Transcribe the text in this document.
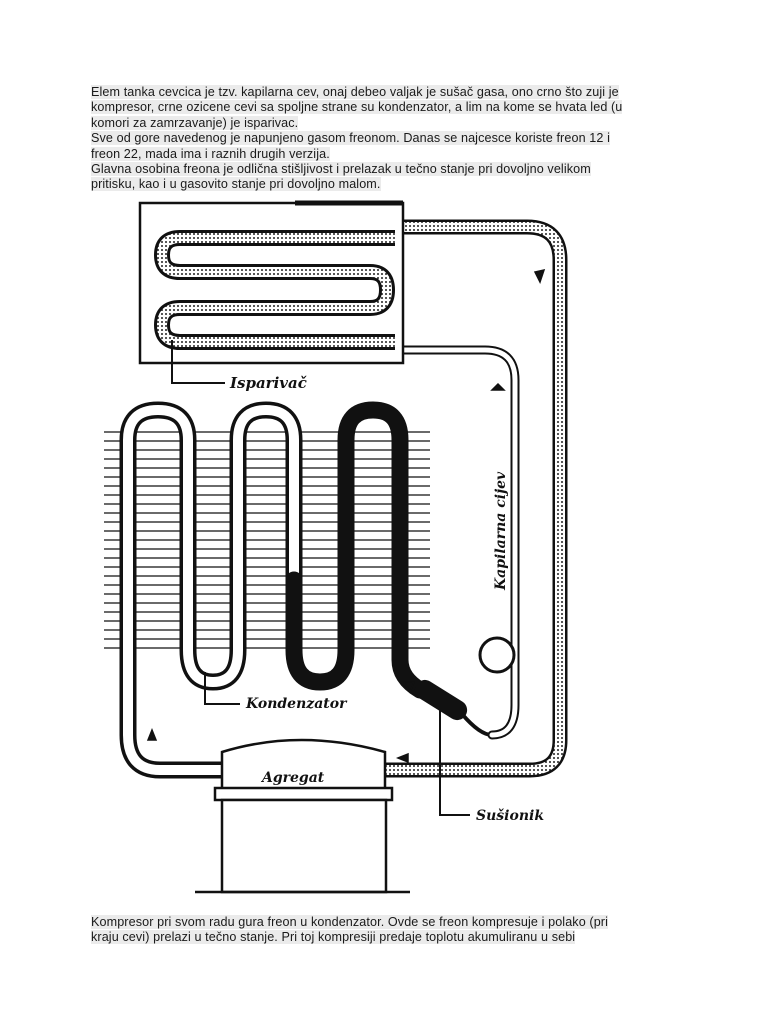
Elem tanka cevcica je tzv. kapilarna cev, onaj debeo valjak je sušač gasa, ono crno što zuji je
kompresor, crne ozicene cevi sa spoljne strane su kondenzator, a lim na kome se hvata led (u
komori za zamrzavanje) je isparivac.
Sve od gore navedenog je napunjeno gasom freonom. Danas se najcesce koriste freon 12 i
freon 22, mada ima i raznih drugih verzija.
Glavna osobina freona je odlična stišljivost i prelazak u tečno stanje pri dovoljno velikom
pritisku, kao i u gasovito stanje pri dovoljno malom.
Isparivač
Kapilarna cijev
Kondenzator
Agregat
Sušionik
Kompresor pri svom radu gura freon u kondenzator. Ovde se freon kompresuje i polako (pri
kraju cevi) prelazi u tečno stanje. Pri toj kompresiji predaje toplotu akumuliranu u sebi
